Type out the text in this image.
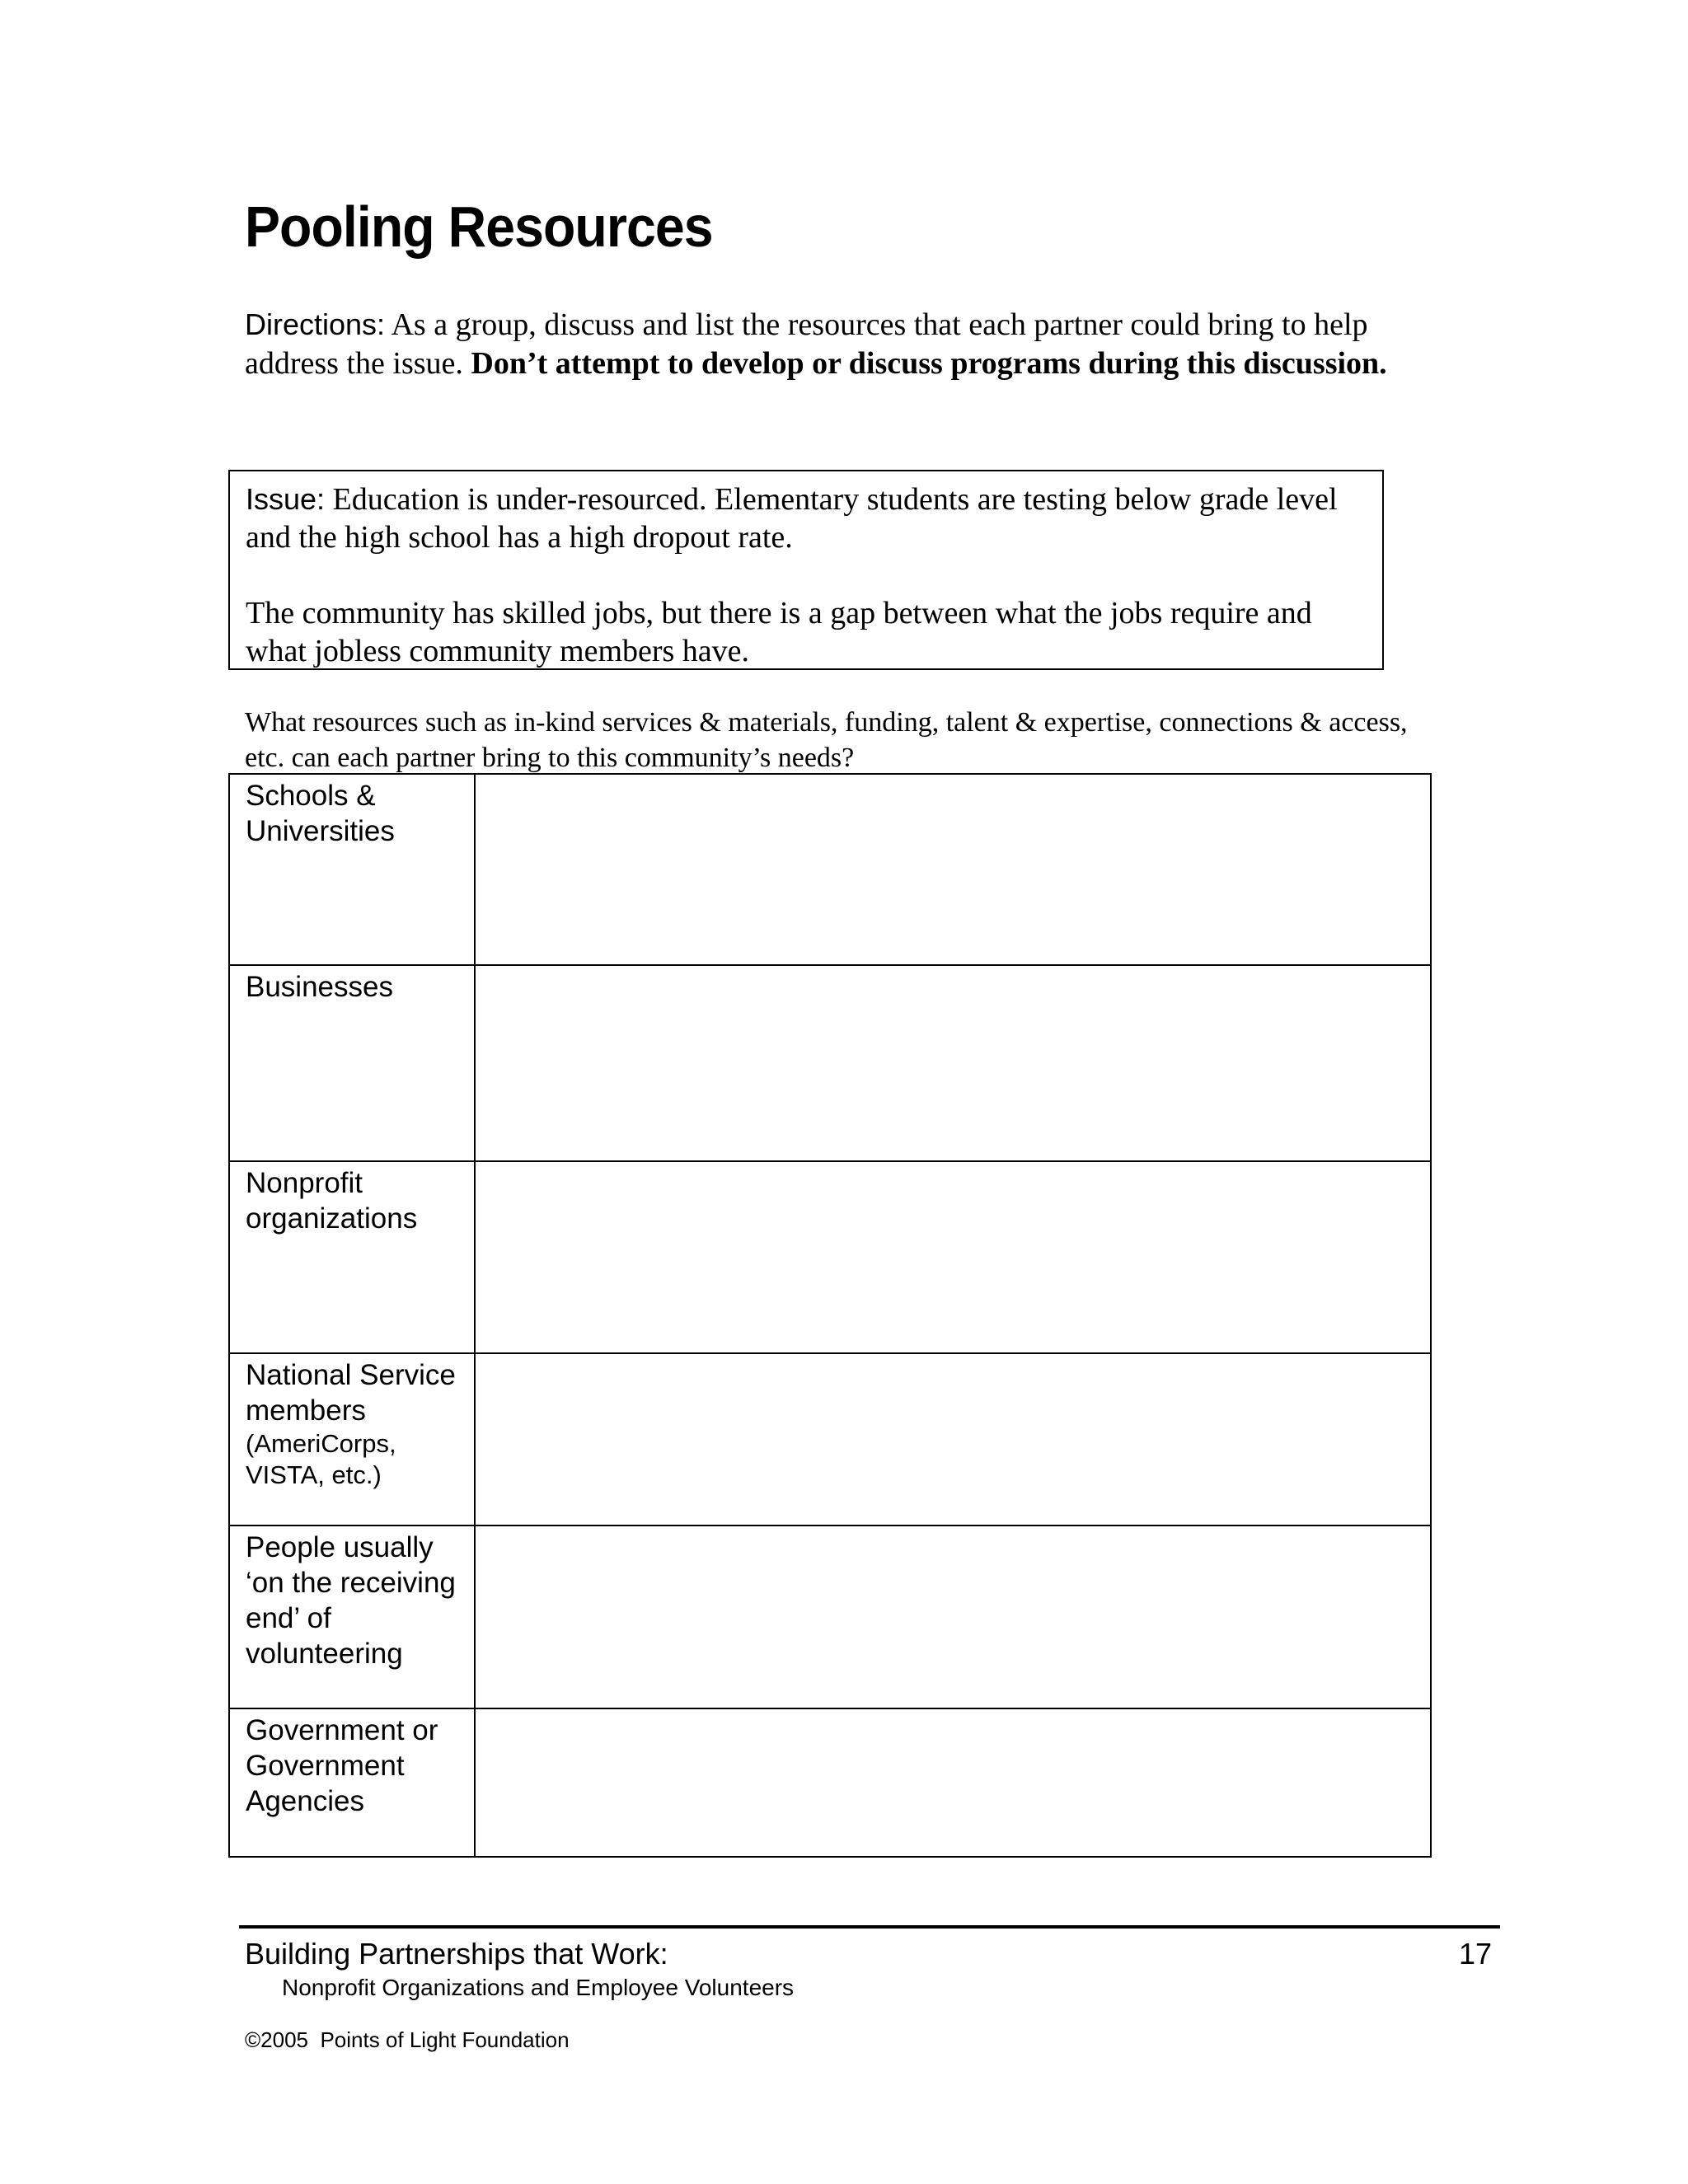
Pooling Resources
Directions: As a group, discuss and list the resources that each partner could bring to help address the issue. Don’t attempt to develop or discuss programs during this discussion.

Issue: Education is under-resourced. Elementary students are testing below grade level and the high school has a high dropout rate.

The community has skilled jobs, but there is a gap between what the jobs require and what jobless community members have.

What resources such as in-kind services & materials, funding, talent & expertise, connections & access, etc. can each partner bring to this community’s needs?
Schools & Universities	
Businesses	
Nonprofit organizations	
National Service members
(AmeriCorps, VISTA, etc.)	

People usually ‘on the receiving end’ of volunteering	
Government or Government Agencies	
Building Partnerships that Work:
Nonprofit Organizations and Employee Volunteers
17
©2005  Points of Light Foundation
